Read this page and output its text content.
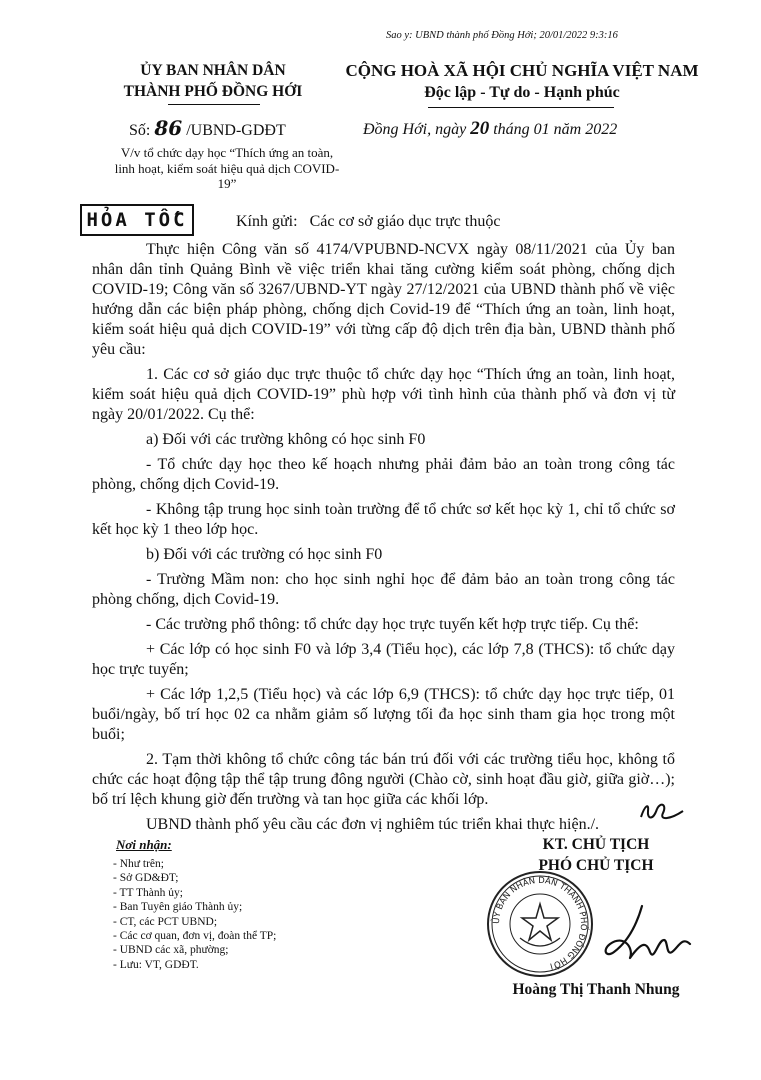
Sao y: UBND thành phố Đồng Hới; 20/01/2022 9:3:16
ỦY BAN NHÂN DÂN
THÀNH PHỐ ĐỒNG HỚI
CỘNG HOÀ XÃ HỘI CHỦ NGHĨA VIỆT NAM
Độc lập - Tự do - Hạnh phúc
Số: 86 /UBND-GDĐT	Đồng Hới, ngày 20 tháng 01 năm 2022
V/v tổ chức dạy học “Thích ứng an toàn, linh hoạt, kiểm soát hiệu quả dịch COVID-19”
HỎA TỐC	Kính gửi:   Các cơ sở giáo dục trực thuộc

Thực hiện Công văn số 4174/VPUBND-NCVX ngày 08/11/2021 của Ủy ban nhân dân tỉnh Quảng Bình về việc triển khai tăng cường kiểm soát phòng, chống dịch COVID-19; Công văn số 3267/UBND-YT ngày 27/12/2021 của UBND thành phố về việc hướng dẫn các biện pháp phòng, chống dịch Covid-19 để “Thích ứng an toàn, linh hoạt, kiểm soát hiệu quả dịch COVID-19” với từng cấp độ dịch trên địa bàn, UBND thành phố yêu cầu:

1. Các cơ sở giáo dục trực thuộc tổ chức dạy học “Thích ứng an toàn, linh hoạt, kiểm soát hiệu quả dịch COVID-19” phù hợp với tình hình của thành phố và đơn vị từ ngày 20/01/2022. Cụ thể:

a) Đối với các trường không có học sinh F0

- Tổ chức dạy học theo kế hoạch nhưng phải đảm bảo an toàn trong công tác phòng, chống dịch Covid-19.

- Không tập trung học sinh toàn trường để tổ chức sơ kết học kỳ 1, chỉ tổ chức sơ kết học kỳ 1 theo lớp học.

b) Đối với các trường có học sinh F0

- Trường Mầm non: cho học sinh nghỉ học để đảm bảo an toàn trong công tác phòng chống, dịch Covid-19.

- Các trường phổ thông: tổ chức dạy học trực tuyến kết hợp trực tiếp. Cụ thể:

+ Các lớp có học sinh F0 và lớp 3,4 (Tiểu học), các lớp 7,8 (THCS): tổ chức dạy học trực tuyến;

+ Các lớp 1,2,5 (Tiểu học) và các lớp 6,9 (THCS): tổ chức dạy học trực tiếp, 01 buổi/ngày, bố trí học 02 ca nhằm giảm số lượng tối đa học sinh tham gia học trong một buổi;

2. Tạm thời không tổ chức công tác bán trú đối với các trường tiểu học, không tổ chức các hoạt động tập thể tập trung đông người (Chào cờ, sinh hoạt đầu giờ, giữa giờ…); bố trí lệch khung giờ đến trường và tan học giữa các khối lớp.

UBND thành phố yêu cầu các đơn vị nghiêm túc triển khai thực hiện./.

Nơi nhận:
- Như trên;
- Sở GD&ĐT;
- TT Thành ủy;
- Ban Tuyên giáo Thành ủy;
- CT, các PCT UBND;
- Các cơ quan, đơn vị, đoàn thể TP;
- UBND các xã, phường;
- Lưu: VT, GDĐT.
KT. CHỦ TỊCH
PHÓ CHỦ TỊCH
ỦY BAN NHÂN DÂN THÀNH PHỐ ĐỒNG HỚI
Hoàng Thị Thanh Nhung
